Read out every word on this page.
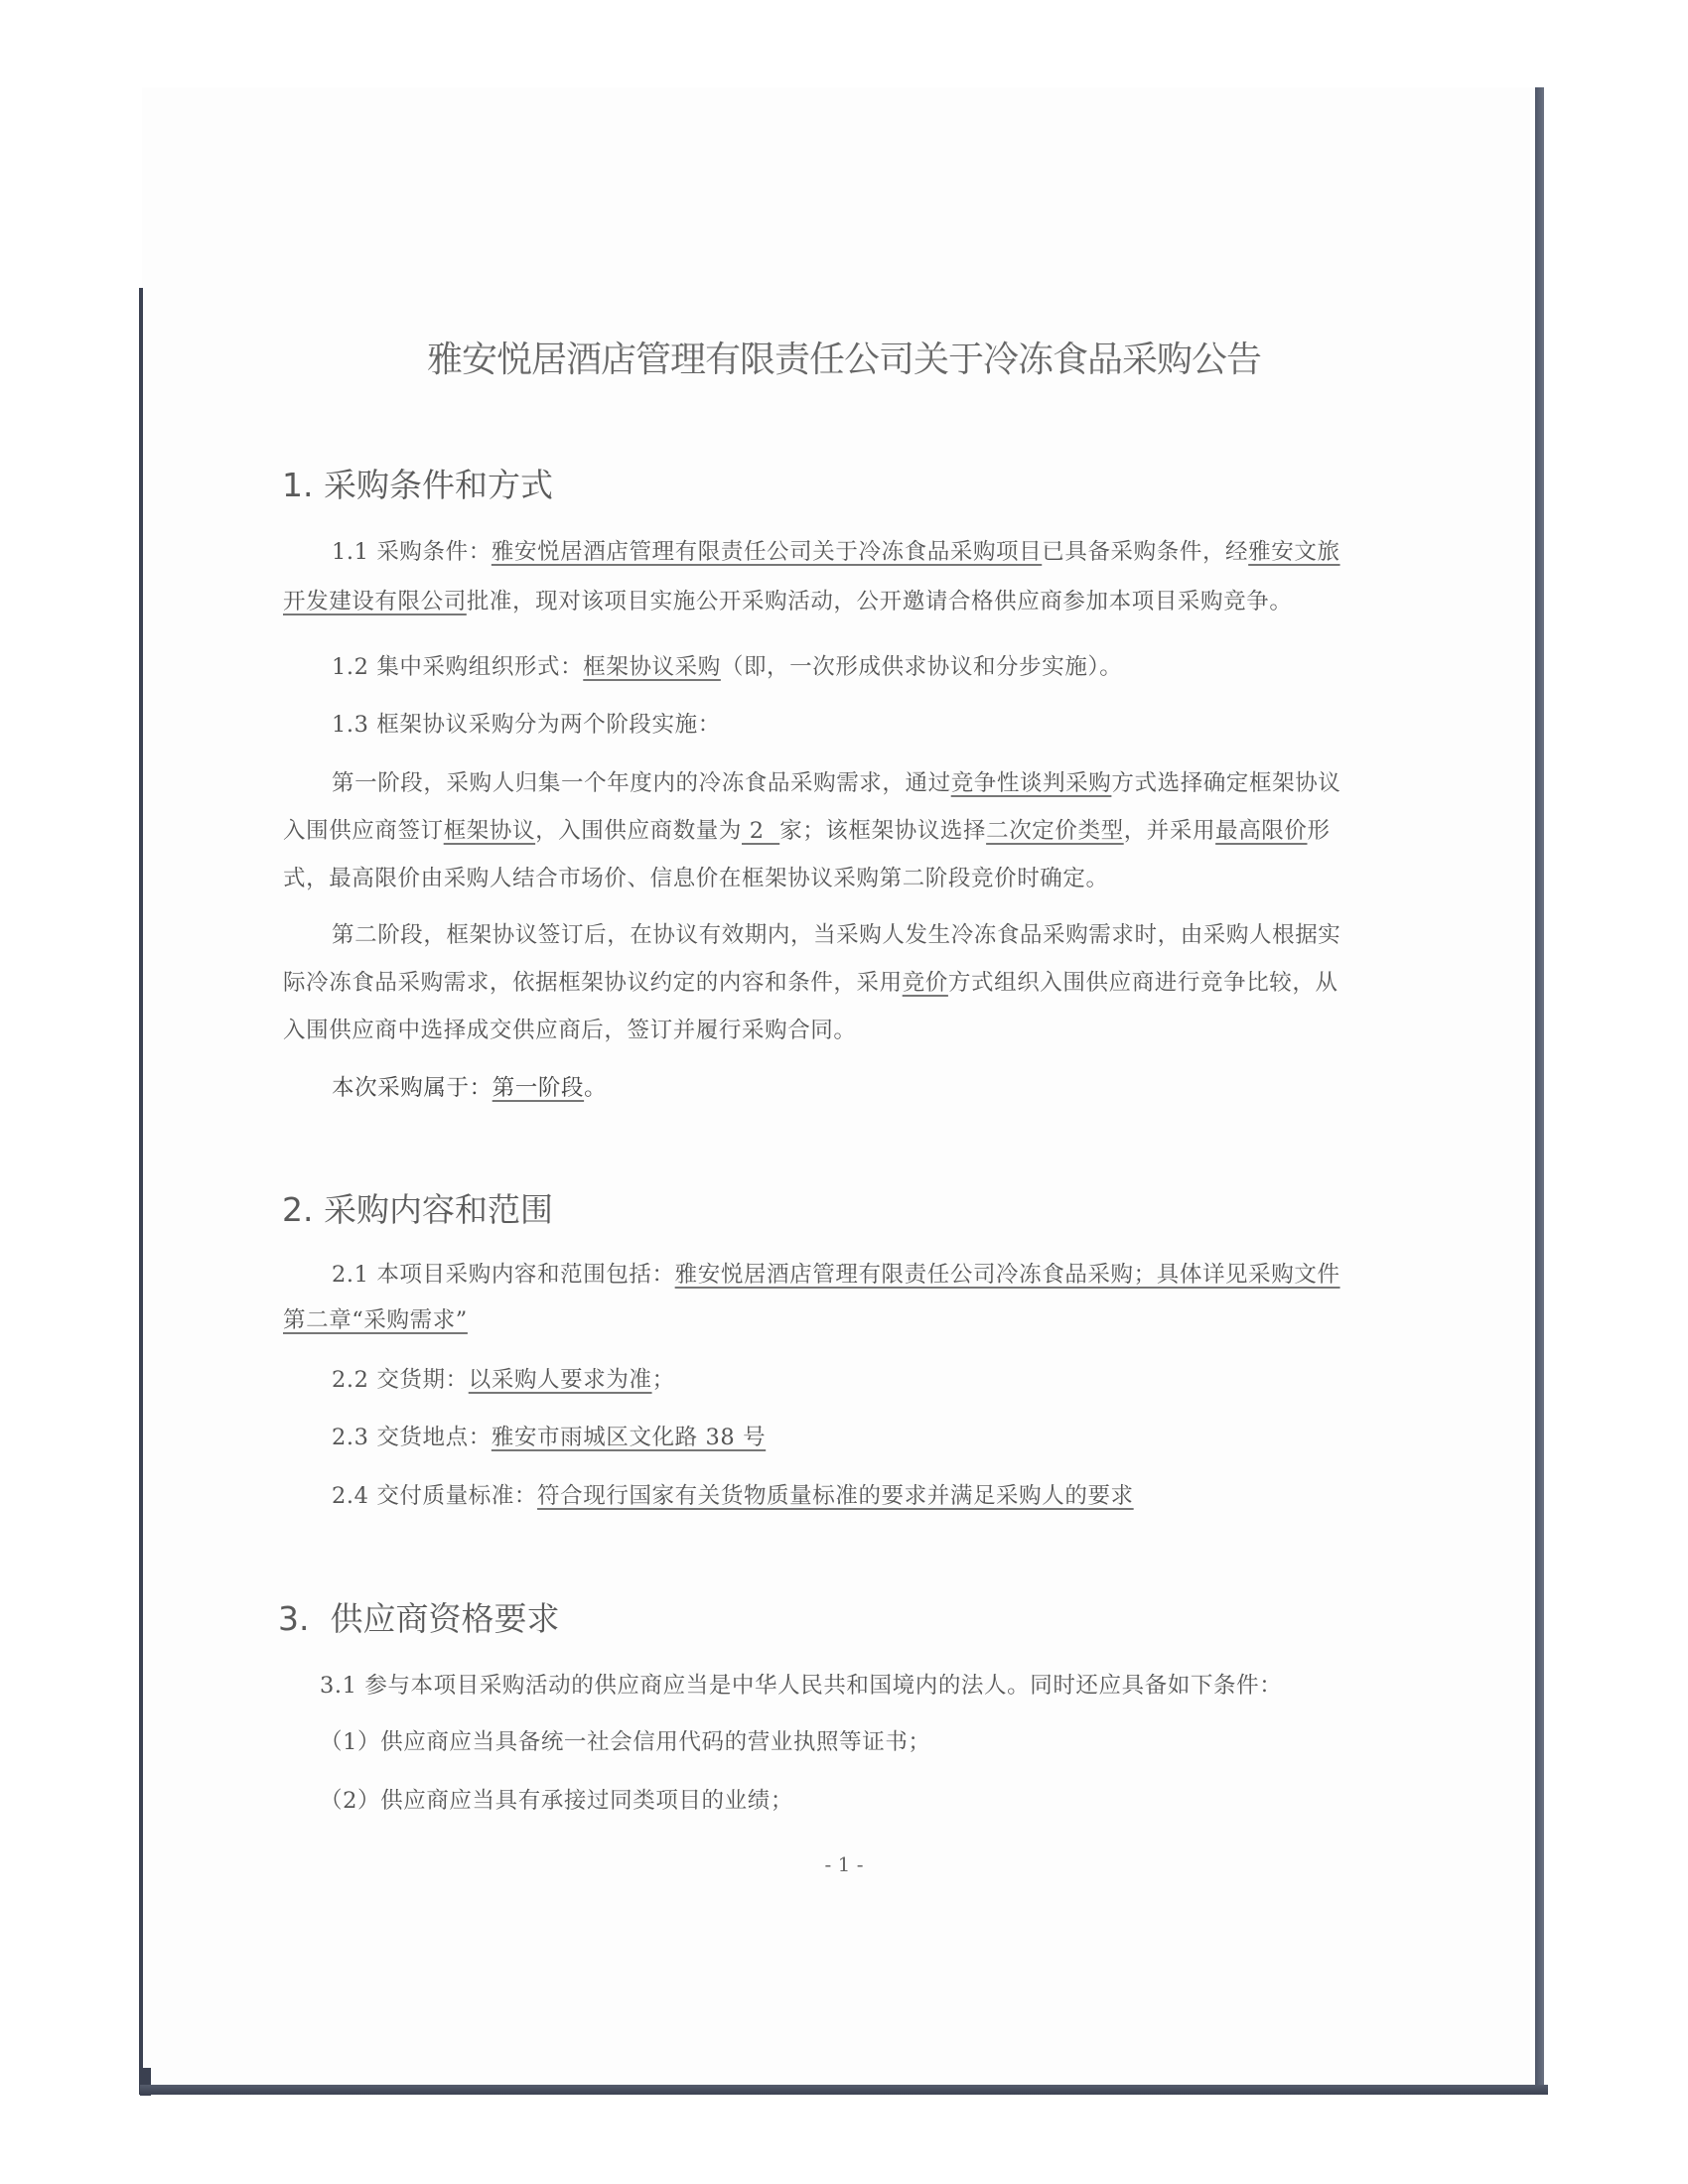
雅安悦居酒店管理有限责任公司关于冷冻食品采购公告
1. 采购条件和方式
1.1 采购条件：雅安悦居酒店管理有限责任公司关于冷冻食品采购项目已具备采购条件，经雅安文旅
开发建设有限公司批准，现对该项目实施公开采购活动，公开邀请合格供应商参加本项目采购竞争。
1.2 集中采购组织形式：框架协议采购（即，一次形成供求协议和分步实施）。
1.3 框架协议采购分为两个阶段实施：
第一阶段，采购人归集一个年度内的冷冻食品采购需求，通过竞争性谈判采购方式选择确定框架协议
入围供应商签订框架协议，入围供应商数量为 2  家；该框架协议选择二次定价类型，并采用最高限价形
式，最高限价由采购人结合市场价、信息价在框架协议采购第二阶段竞价时确定。
第二阶段，框架协议签订后，在协议有效期内，当采购人发生冷冻食品采购需求时，由采购人根据实
际冷冻食品采购需求，依据框架协议约定的内容和条件，采用竞价方式组织入围供应商进行竞争比较，从
入围供应商中选择成交供应商后，签订并履行采购合同。
本次采购属于：第一阶段。
2. 采购内容和范围
2.1 本项目采购内容和范围包括：雅安悦居酒店管理有限责任公司冷冻食品采购；具体详见采购文件
第二章“采购需求”
2.2 交货期：以采购人要求为准；
2.3 交货地点：雅安市雨城区文化路 38 号
2.4 交付质量标准：符合现行国家有关货物质量标准的要求并满足采购人的要求
3.  供应商资格要求
3.1 参与本项目采购活动的供应商应当是中华人民共和国境内的法人。同时还应具备如下条件：
（1）供应商应当具备统一社会信用代码的营业执照等证书；
（2）供应商应当具有承接过同类项目的业绩；
- 1 -
